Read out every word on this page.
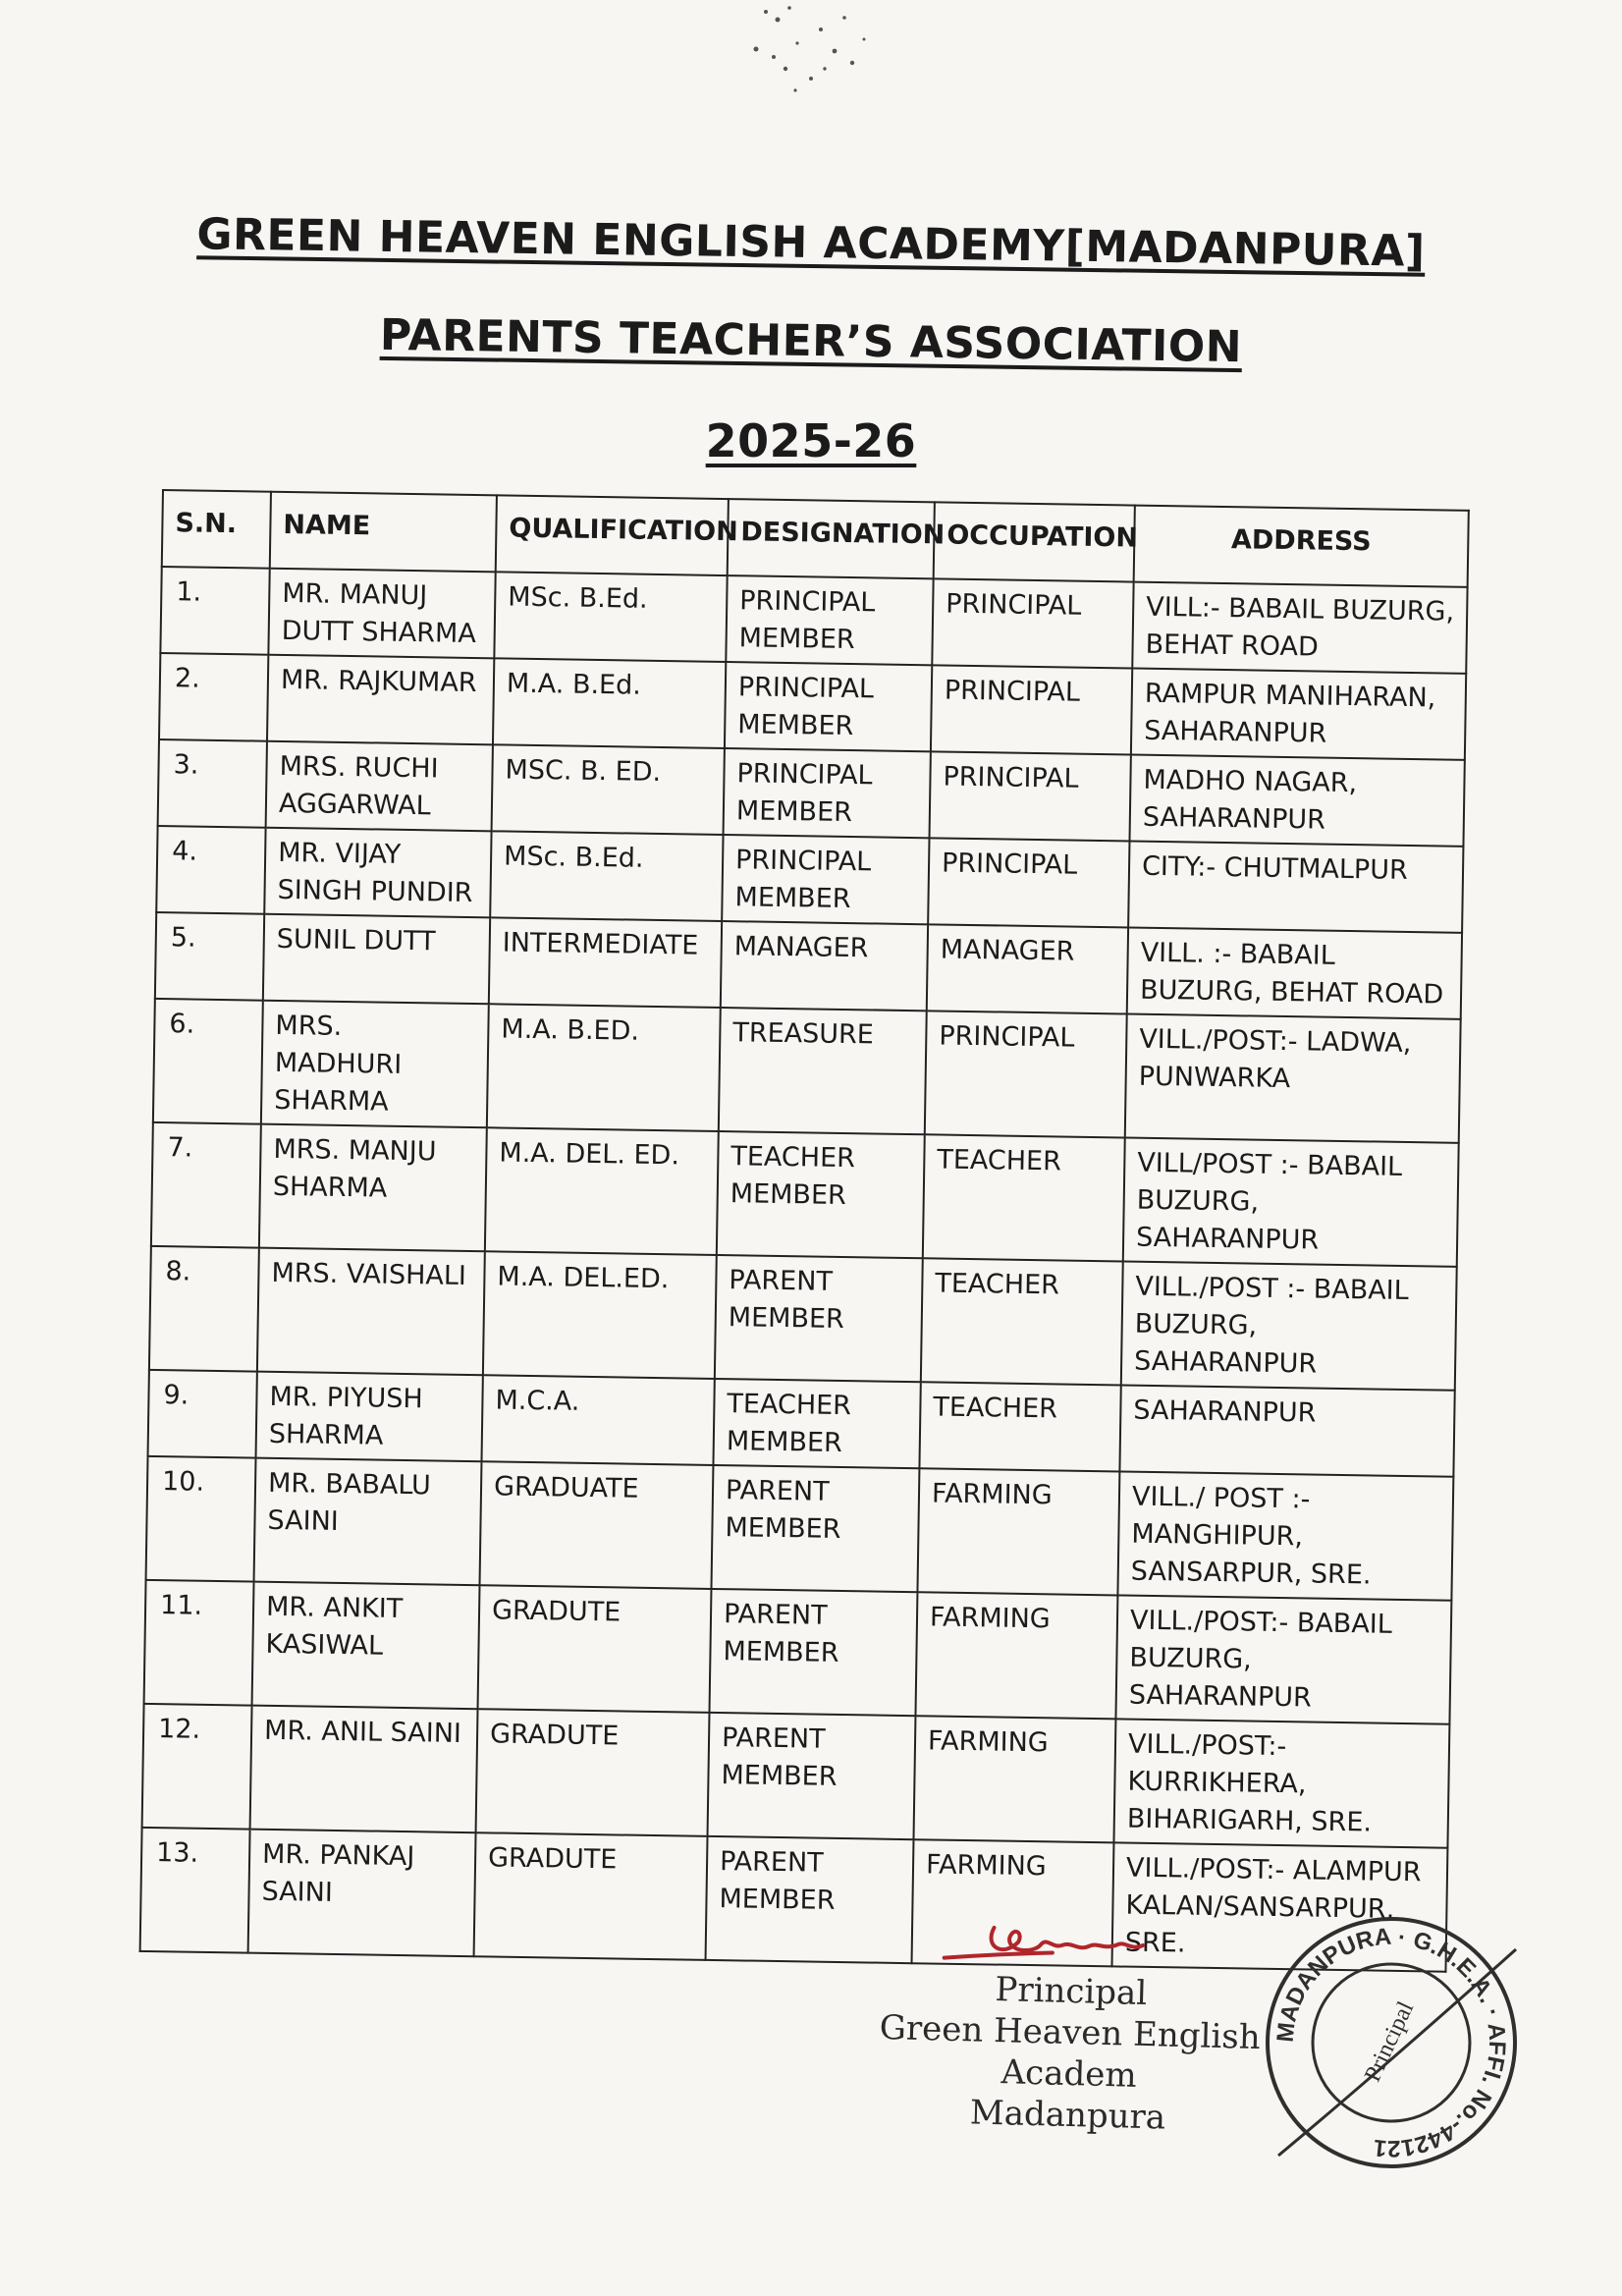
GREEN HEAVEN ENGLISH ACADEMY[MADANPURA]
PARENTS TEACHER’S ASSOCIATION
2025-26
S.N.	NAME	QUALIFICATION	DESIGNATION	OCCUPATION	ADDRESS
1.	MR. MANUJ DUTT SHARMA	MSc. B.Ed.	PRINCIPAL MEMBER	PRINCIPAL	VILL:- BABAIL BUZURG, BEHAT ROAD
2.	MR. RAJKUMAR	M.A. B.Ed.	PRINCIPAL MEMBER	PRINCIPAL	RAMPUR MANIHARAN, SAHARANPUR
3.	MRS. RUCHI AGGARWAL	MSC. B. ED.	PRINCIPAL MEMBER	PRINCIPAL	MADHO NAGAR, SAHARANPUR
4.	MR. VIJAY SINGH PUNDIR	MSc. B.Ed.	PRINCIPAL MEMBER	PRINCIPAL	CITY:- CHUTMALPUR
5.	SUNIL DUTT	INTERMEDIATE	MANAGER	MANAGER	VILL. :- BABAIL BUZURG, BEHAT ROAD
6.	MRS. MADHURI SHARMA	M.A. B.ED.	TREASURE	PRINCIPAL	VILL./POST:- LADWA, PUNWARKA
7.	MRS. MANJU SHARMA	M.A. DEL. ED.	TEACHER MEMBER	TEACHER	VILL/POST :- BABAIL BUZURG, SAHARANPUR
8.	MRS. VAISHALI	M.A. DEL.ED.	PARENT MEMBER	TEACHER	VILL./POST :- BABAIL BUZURG, SAHARANPUR
9.	MR. PIYUSH SHARMA	M.C.A.	TEACHER MEMBER	TEACHER	SAHARANPUR
10.	MR. BABALU SAINI	GRADUATE	PARENT MEMBER	FARMING	VILL./ POST :- MANGHIPUR, SANSARPUR, SRE.
11.	MR. ANKIT KASIWAL	GRADUTE	PARENT MEMBER	FARMING	VILL./POST:- BABAIL BUZURG, SAHARANPUR
12.	MR. ANIL SAINI	GRADUTE	PARENT MEMBER	FARMING	VILL./POST:- KURRIKHERA, BIHARIGARH, SRE.
13.	MR. PANKAJ SAINI	GRADUTE	PARENT MEMBER	FARMING	VILL./POST:- ALAMPUR KALAN/SANSARPUR, SRE.
Principal
Green Heaven English Academ
Madanpura
MADANPURA · G.H.E.A. · AFFI. No.-442121
Principal
